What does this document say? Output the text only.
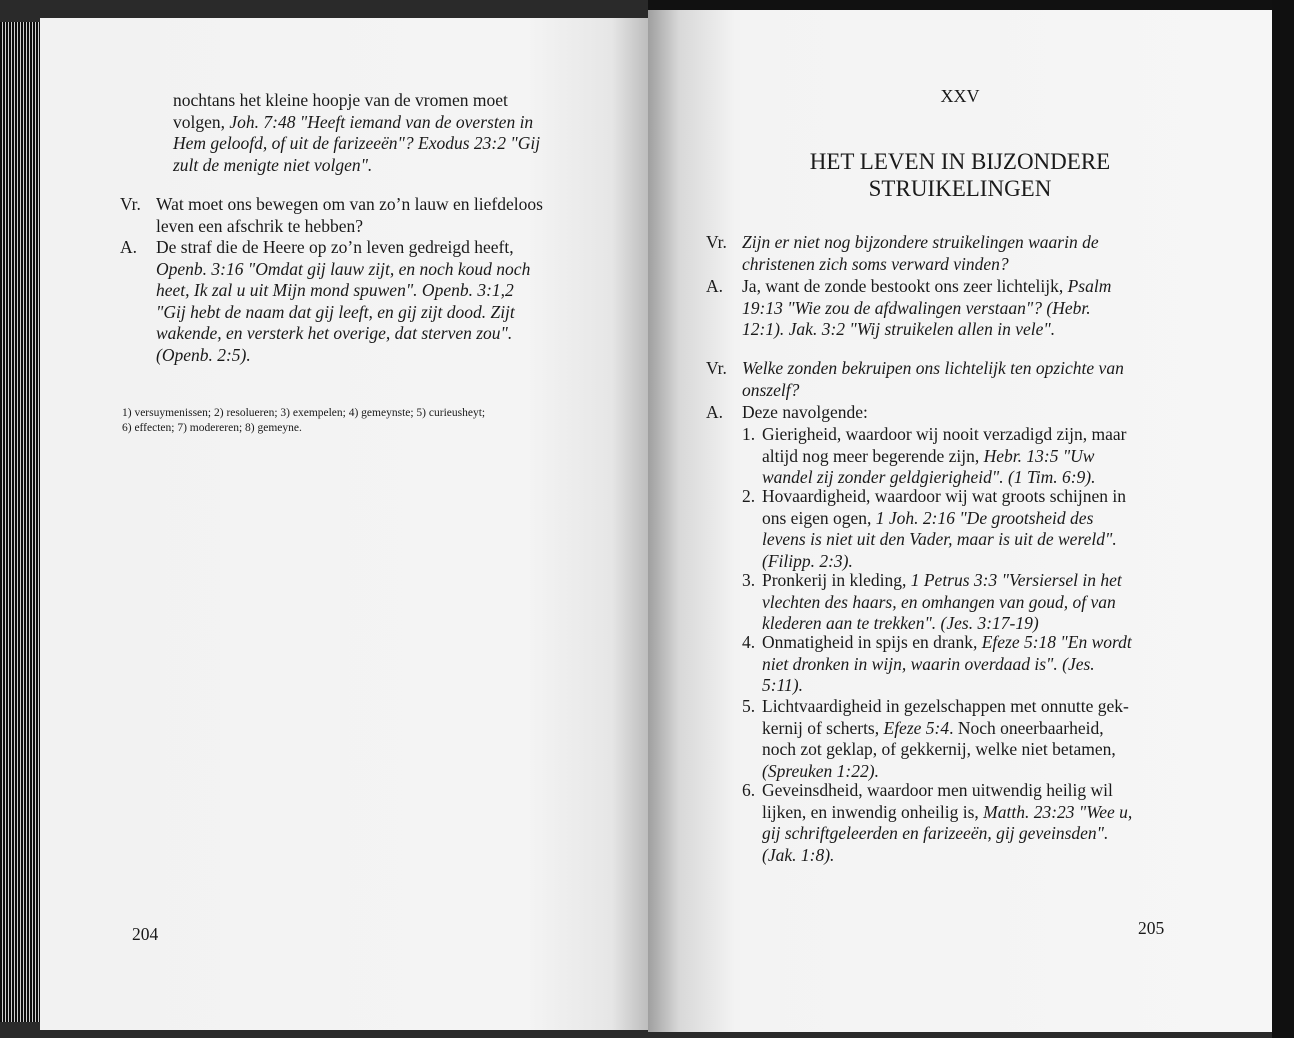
nochtans het kleine hoopje van de vromen moet
volgen, Joh. 7:48 "Heeft iemand van de oversten in
Hem geloofd, of uit de farizeeën"? Exodus 23:2 "Gij
zult de menigte niet volgen".
Vr. Wat moet ons bewegen om van zo’n lauw en liefdeloos
leven een afschrik te hebben?
A. De straf die de Heere op zo’n leven gedreigd heeft,
Openb. 3:16 "Omdat gij lauw zijt, en noch koud noch
heet, Ik zal u uit Mijn mond spuwen". Openb. 3:1,2
"Gij hebt de naam dat gij leeft, en gij zijt dood. Zijt
wakende, en versterk het overige, dat sterven zou".
(Openb. 2:5).
1) versuymenissen; 2) resolueren; 3) exempelen; 4) gemeynste; 5) curieusheyt;
6) effecten; 7) modereren; 8) gemeyne.
204
XXV
HET LEVEN IN BIJZONDERE
STRUIKELINGEN
Vr. Zijn er niet nog bijzondere struikelingen waarin de
christenen zich soms verward vinden?
A. Ja, want de zonde bestookt ons zeer lichtelijk, Psalm
19:13 "Wie zou de afdwalingen verstaan"? (Hebr.
12:1). Jak. 3:2 "Wij struikelen allen in vele".
Vr. Welke zonden bekruipen ons lichtelijk ten opzichte van
onszelf?
A. Deze navolgende:
1. Gierigheid, waardoor wij nooit verzadigd zijn, maar
altijd nog meer begerende zijn, Hebr. 13:5 "Uw
wandel zij zonder geldgierigheid". (1 Tim. 6:9).
2. Hovaardigheid, waardoor wij wat groots schijnen in
ons eigen ogen, 1 Joh. 2:16 "De grootsheid des
levens is niet uit den Vader, maar is uit de wereld".
(Filipp. 2:3).
3. Pronkerij in kleding, 1 Petrus 3:3 "Versiersel in het
vlechten des haars, en omhangen van goud, of van
klederen aan te trekken". (Jes. 3:17-19)
4. Onmatigheid in spijs en drank, Efeze 5:18 "En wordt
niet dronken in wijn, waarin overdaad is". (Jes.
5:11).
5. Lichtvaardigheid in gezelschappen met onnutte gek-
kernij of scherts, Efeze 5:4. Noch oneerbaarheid,
noch zot geklap, of gekkernij, welke niet betamen,
(Spreuken 1:22).
6. Geveinsdheid, waardoor men uitwendig heilig wil
lijken, en inwendig onheilig is, Matth. 23:23 "Wee u,
gij schriftgeleerden en farizeeën, gij geveinsden".
(Jak. 1:8).
205
